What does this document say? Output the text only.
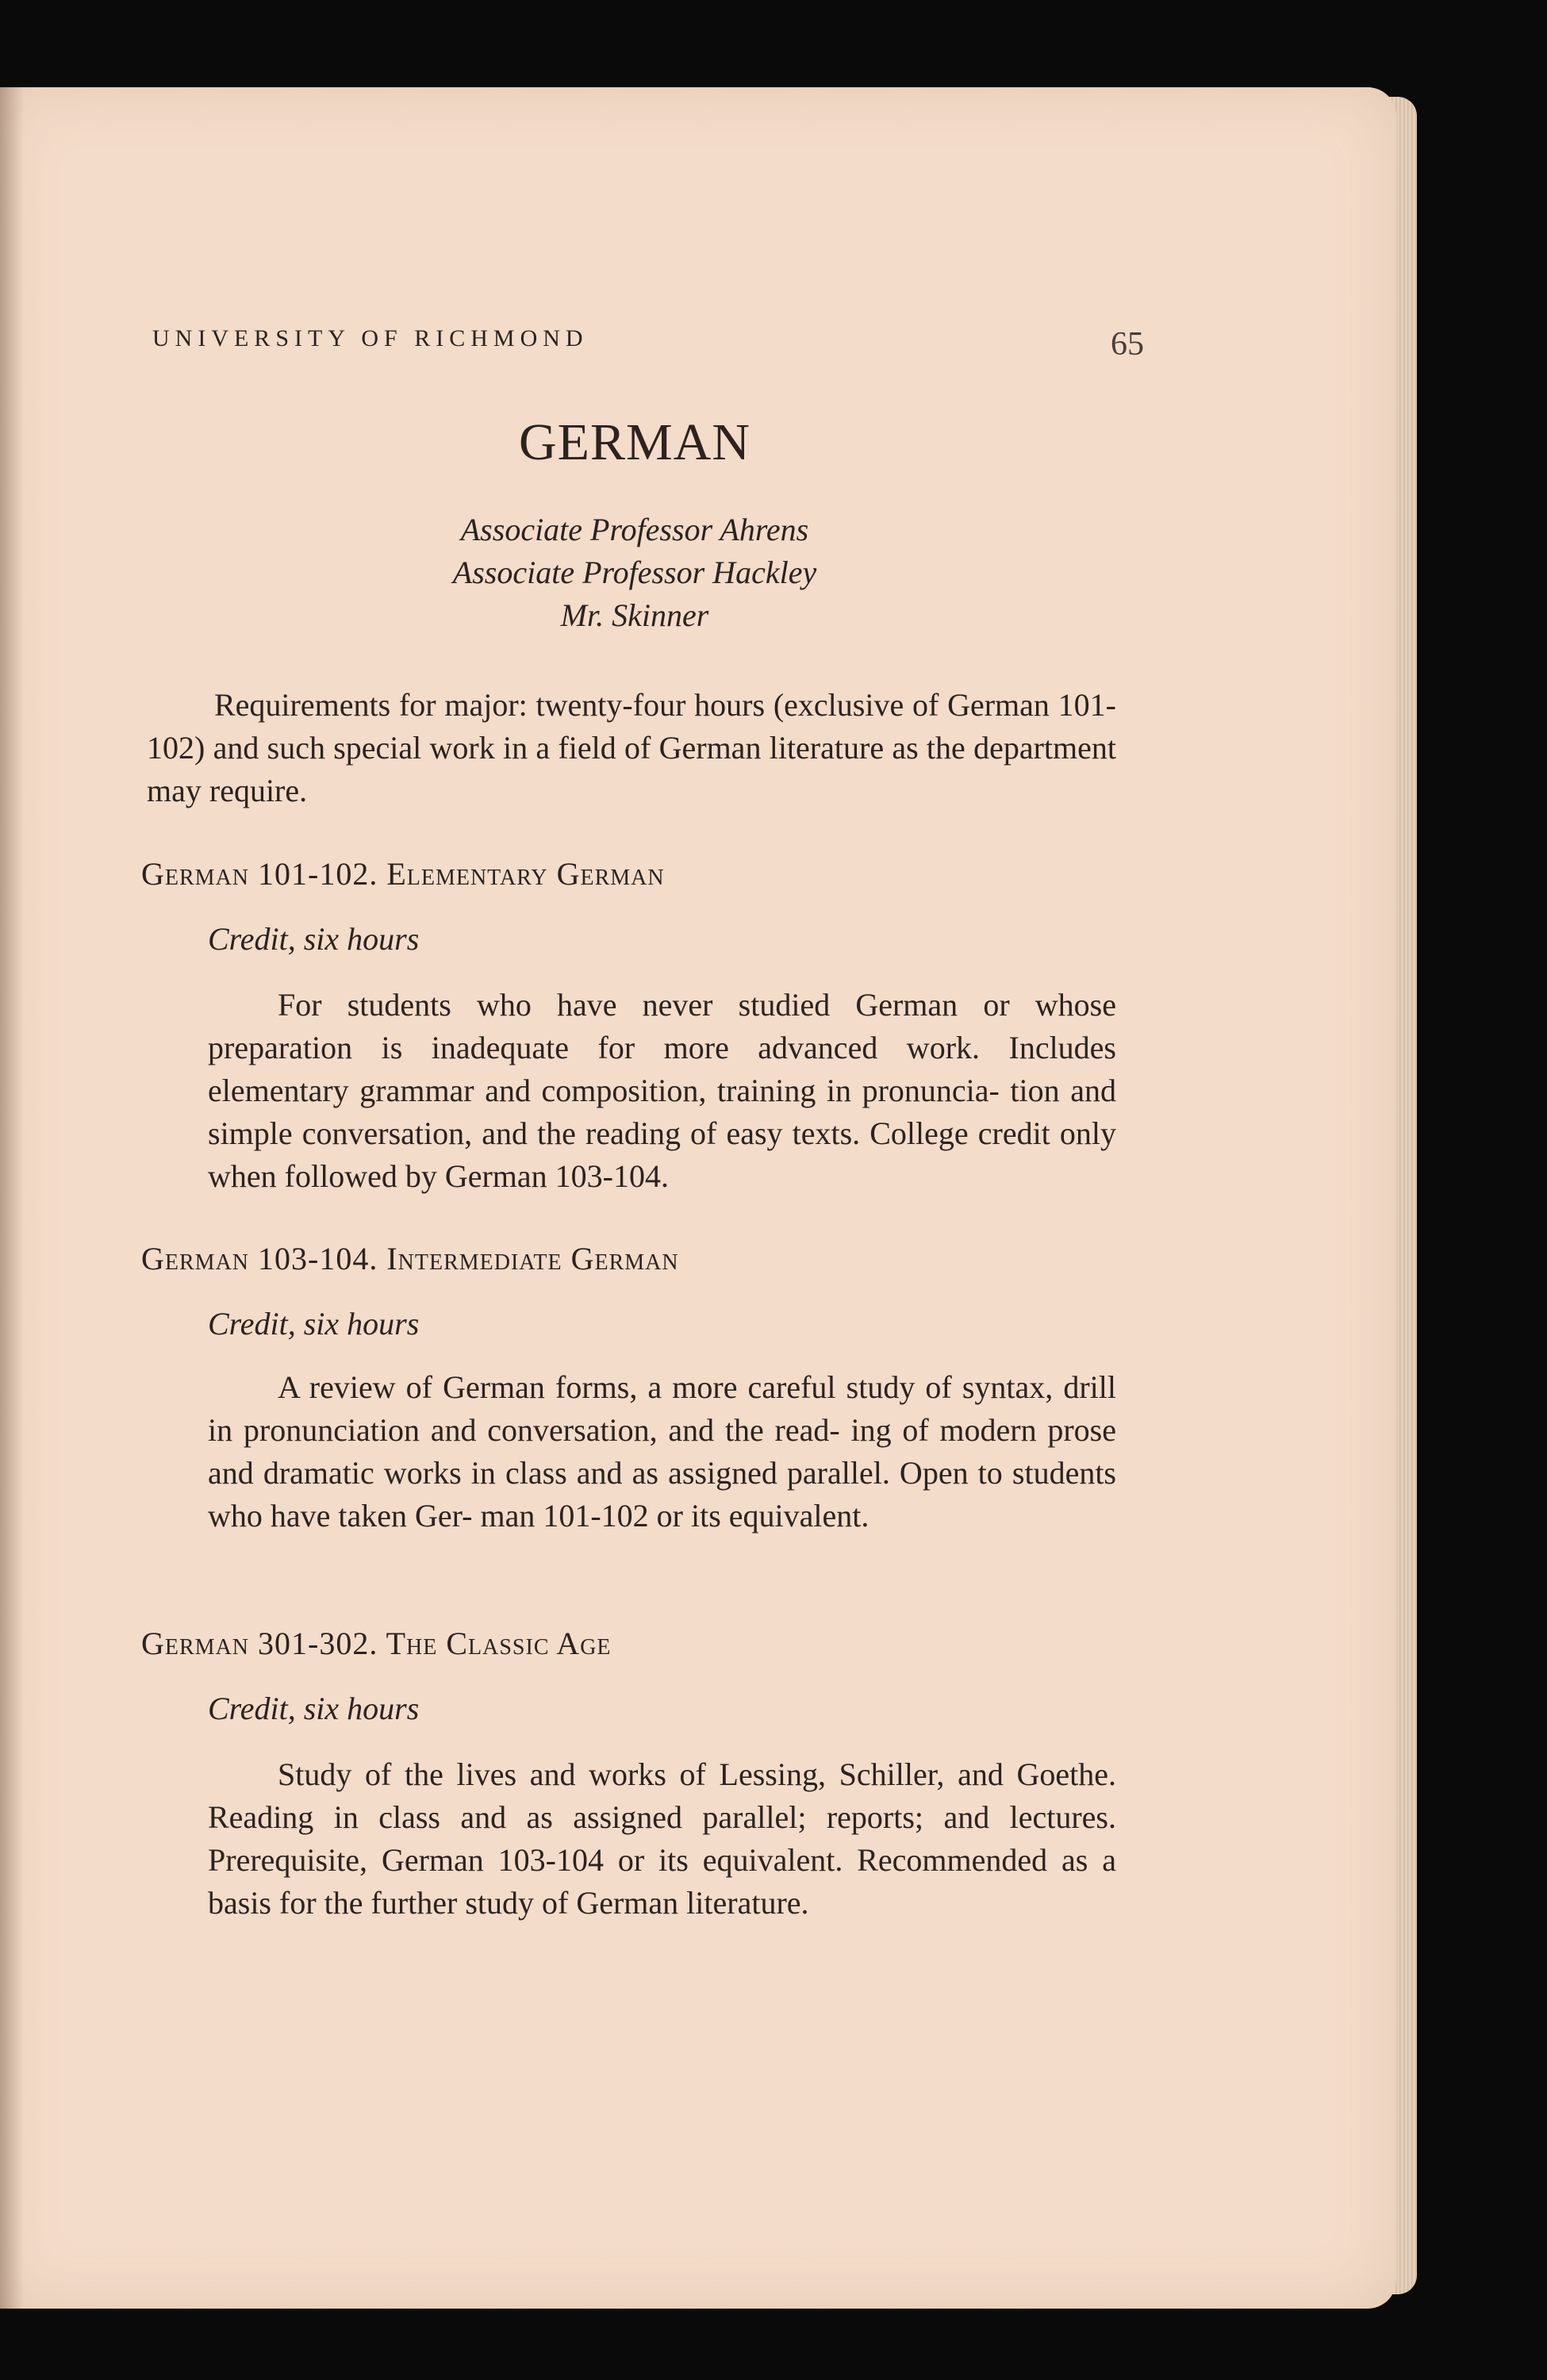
UNIVERSITY OF RICHMOND	65
GERMAN
Associate Professor Ahrens
Associate Professor Hackley
Mr. Skinner
Requirements for major: twenty-four hours (exclusive of German 101-102) and such special work in a field of German literature as the department may require.
German 101-102. Elementary German
Credit, six hours
For students who have never studied German or whose preparation is inadequate for more advanced work. Includes elementary grammar and composition, training in pronuncia- tion and simple conversation, and the reading of easy texts. College credit only when followed by German 103-104.
German 103-104. Intermediate German
Credit, six hours
A review of German forms, a more careful study of syntax, drill in pronunciation and conversation, and the read- ing of modern prose and dramatic works in class and as assigned parallel. Open to students who have taken Ger- man 101-102 or its equivalent.
German 301-302. The Classic Age
Credit, six hours
Study of the lives and works of Lessing, Schiller, and Goethe. Reading in class and as assigned parallel; reports; and lectures. Prerequisite, German 103-104 or its equivalent. Recommended as a basis for the further study of German literature.
